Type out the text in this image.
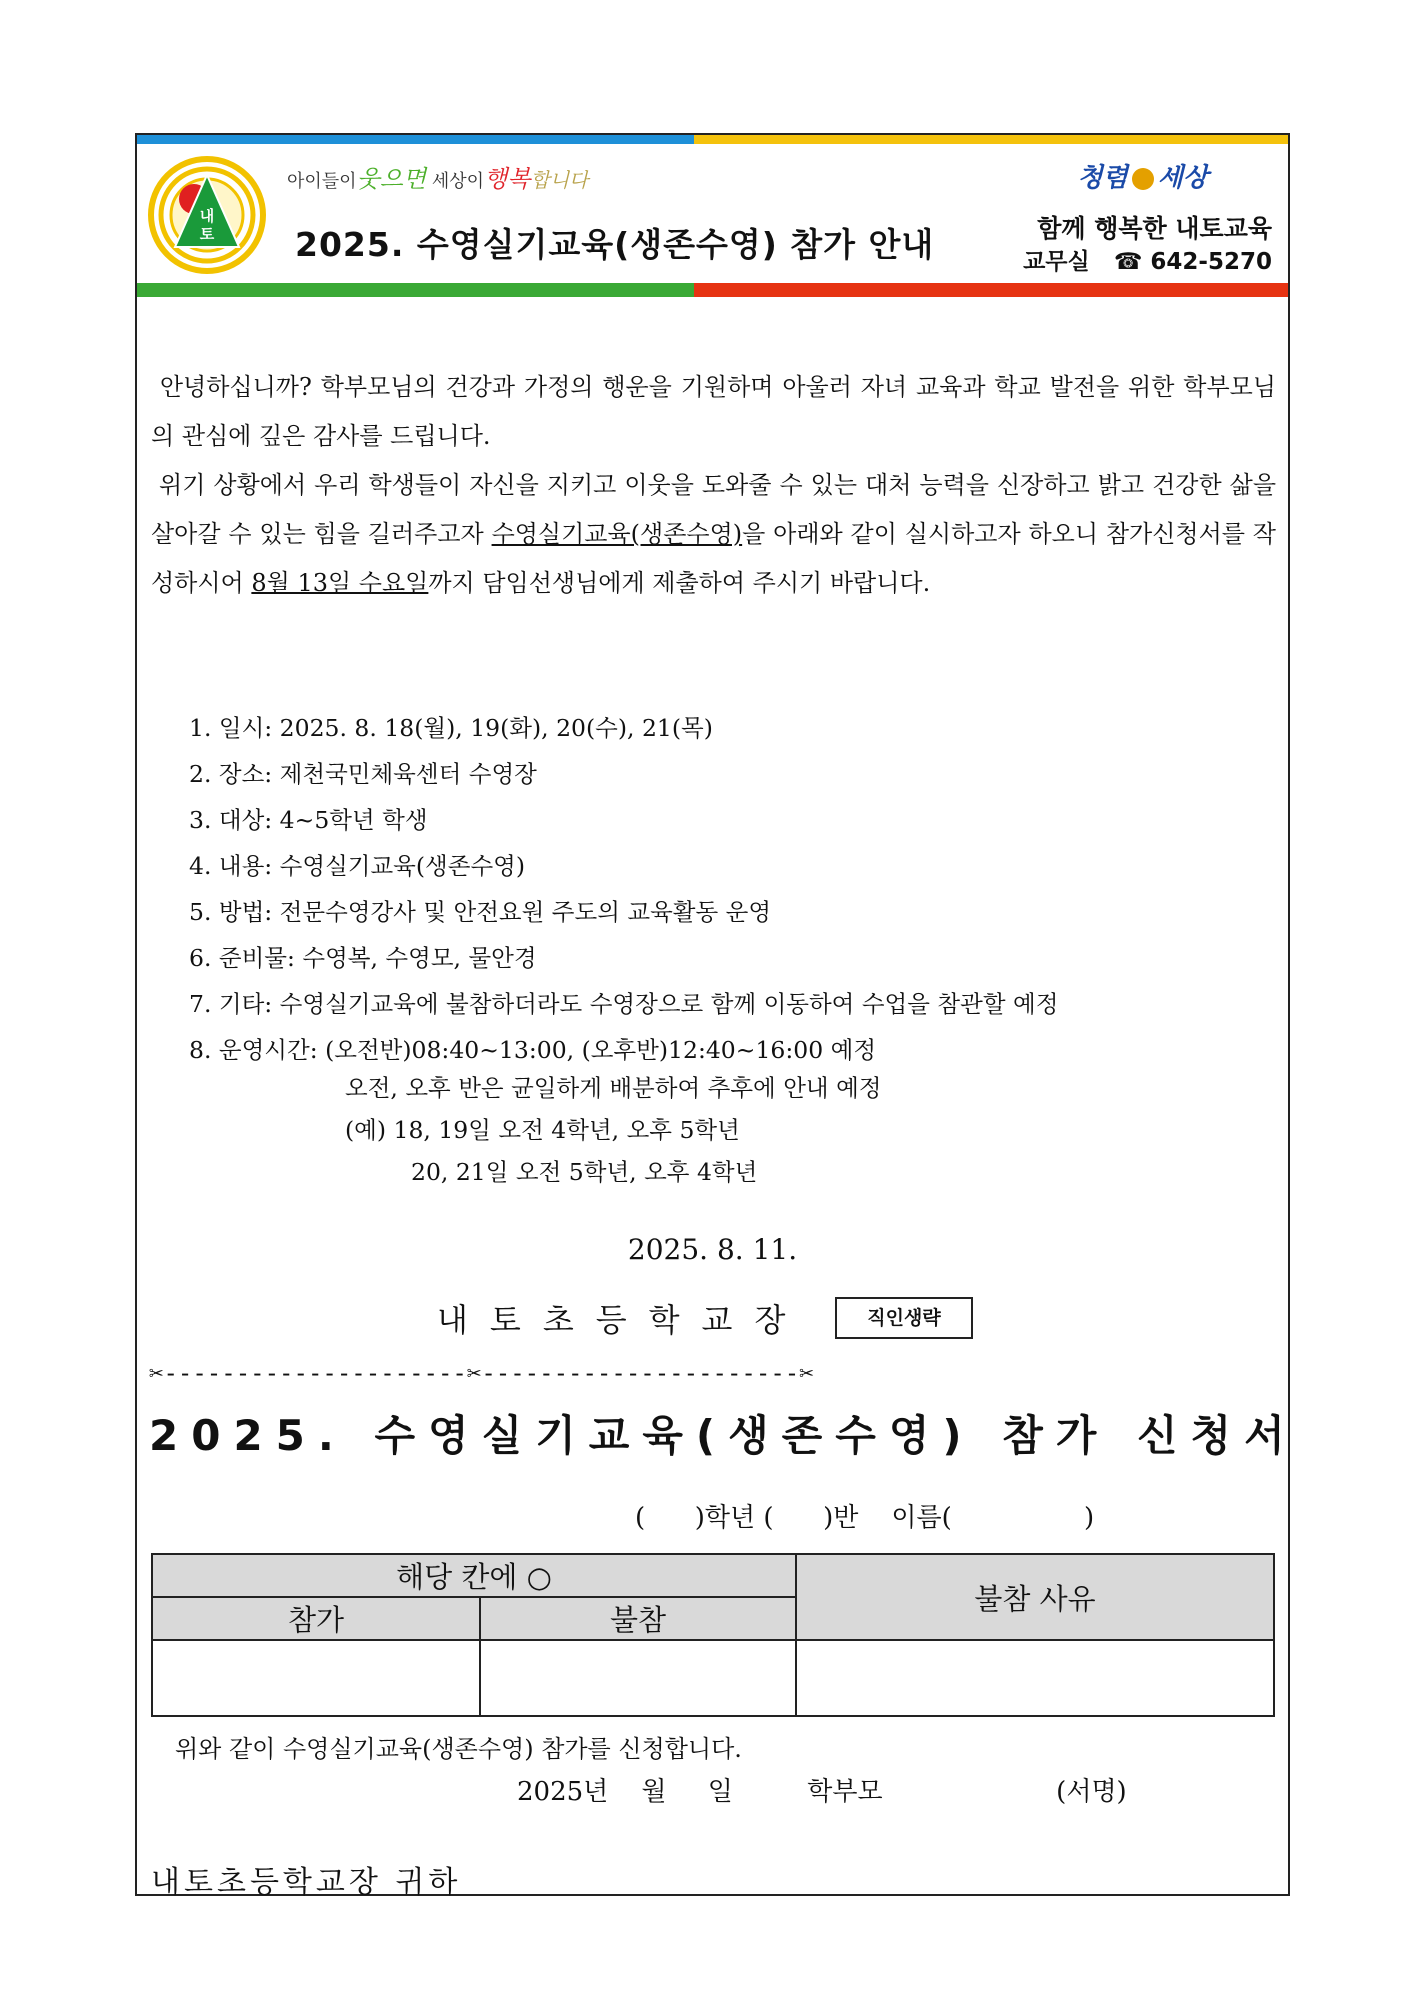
내
토
아이들이웃으면 세상이행복합니다
2025. 수영실기교육(생존수영) 참가 안내
청렴 세상
함께 행복한 내토교육
교무실 ☎ 642-5270

안녕하십니까? 학부모님의 건강과 가정의 행운을 기원하며 아울러 자녀 교육과 학교 발전을 위한 학부모님의 관심에 깊은 감사를 드립니다.

위기 상황에서 우리 학생들이 자신을 지키고 이웃을 도와줄 수 있는 대처 능력을 신장하고 밝고 건강한 삶을 살아갈 수 있는 힘을 길러주고자 수영실기교육(생존수영)을 아래와 같이 실시하고자 하오니 참가신청서를 작성하시어 8월 13일 수요일까지 담임선생님에게 제출하여 주시기 바랍니다.

1. 일시: 2025. 8. 18(월), 19(화), 20(수), 21(목)
2. 장소: 제천국민체육센터 수영장
3. 대상: 4~5학년 학생
4. 내용: 수영실기교육(생존수영)
5. 방법: 전문수영강사 및 안전요원 주도의 교육활동 운영
6. 준비물: 수영복, 수영모, 물안경
7. 기타: 수영실기교육에 불참하더라도 수영장으로 함께 이동하여 수업을 참관할 예정
8. 운영시간: (오전반)08:40~13:00, (오후반)12:40~16:00 예정
오전, 오후 반은 균일하게 배분하여 추후에 안내 예정
(예) 18, 19일 오전 4학년, 오후 5학년
20, 21일 오전 5학년, 오후 4학년
2025. 8. 11.
내토초등학교장	직인생략
✂---------------------✂----------------------✂
2025. 수영실기교육(생존수영) 참가 신청서
(      )학년 (      )반    이름(                )
해당 칸에 ○		불참 사유
참가	불참	

위와 같이 수영실기교육(생존수영) 참가를 신청합니다.
2025년    월     일         학부모                     (서명)
내토초등학교장 귀하
